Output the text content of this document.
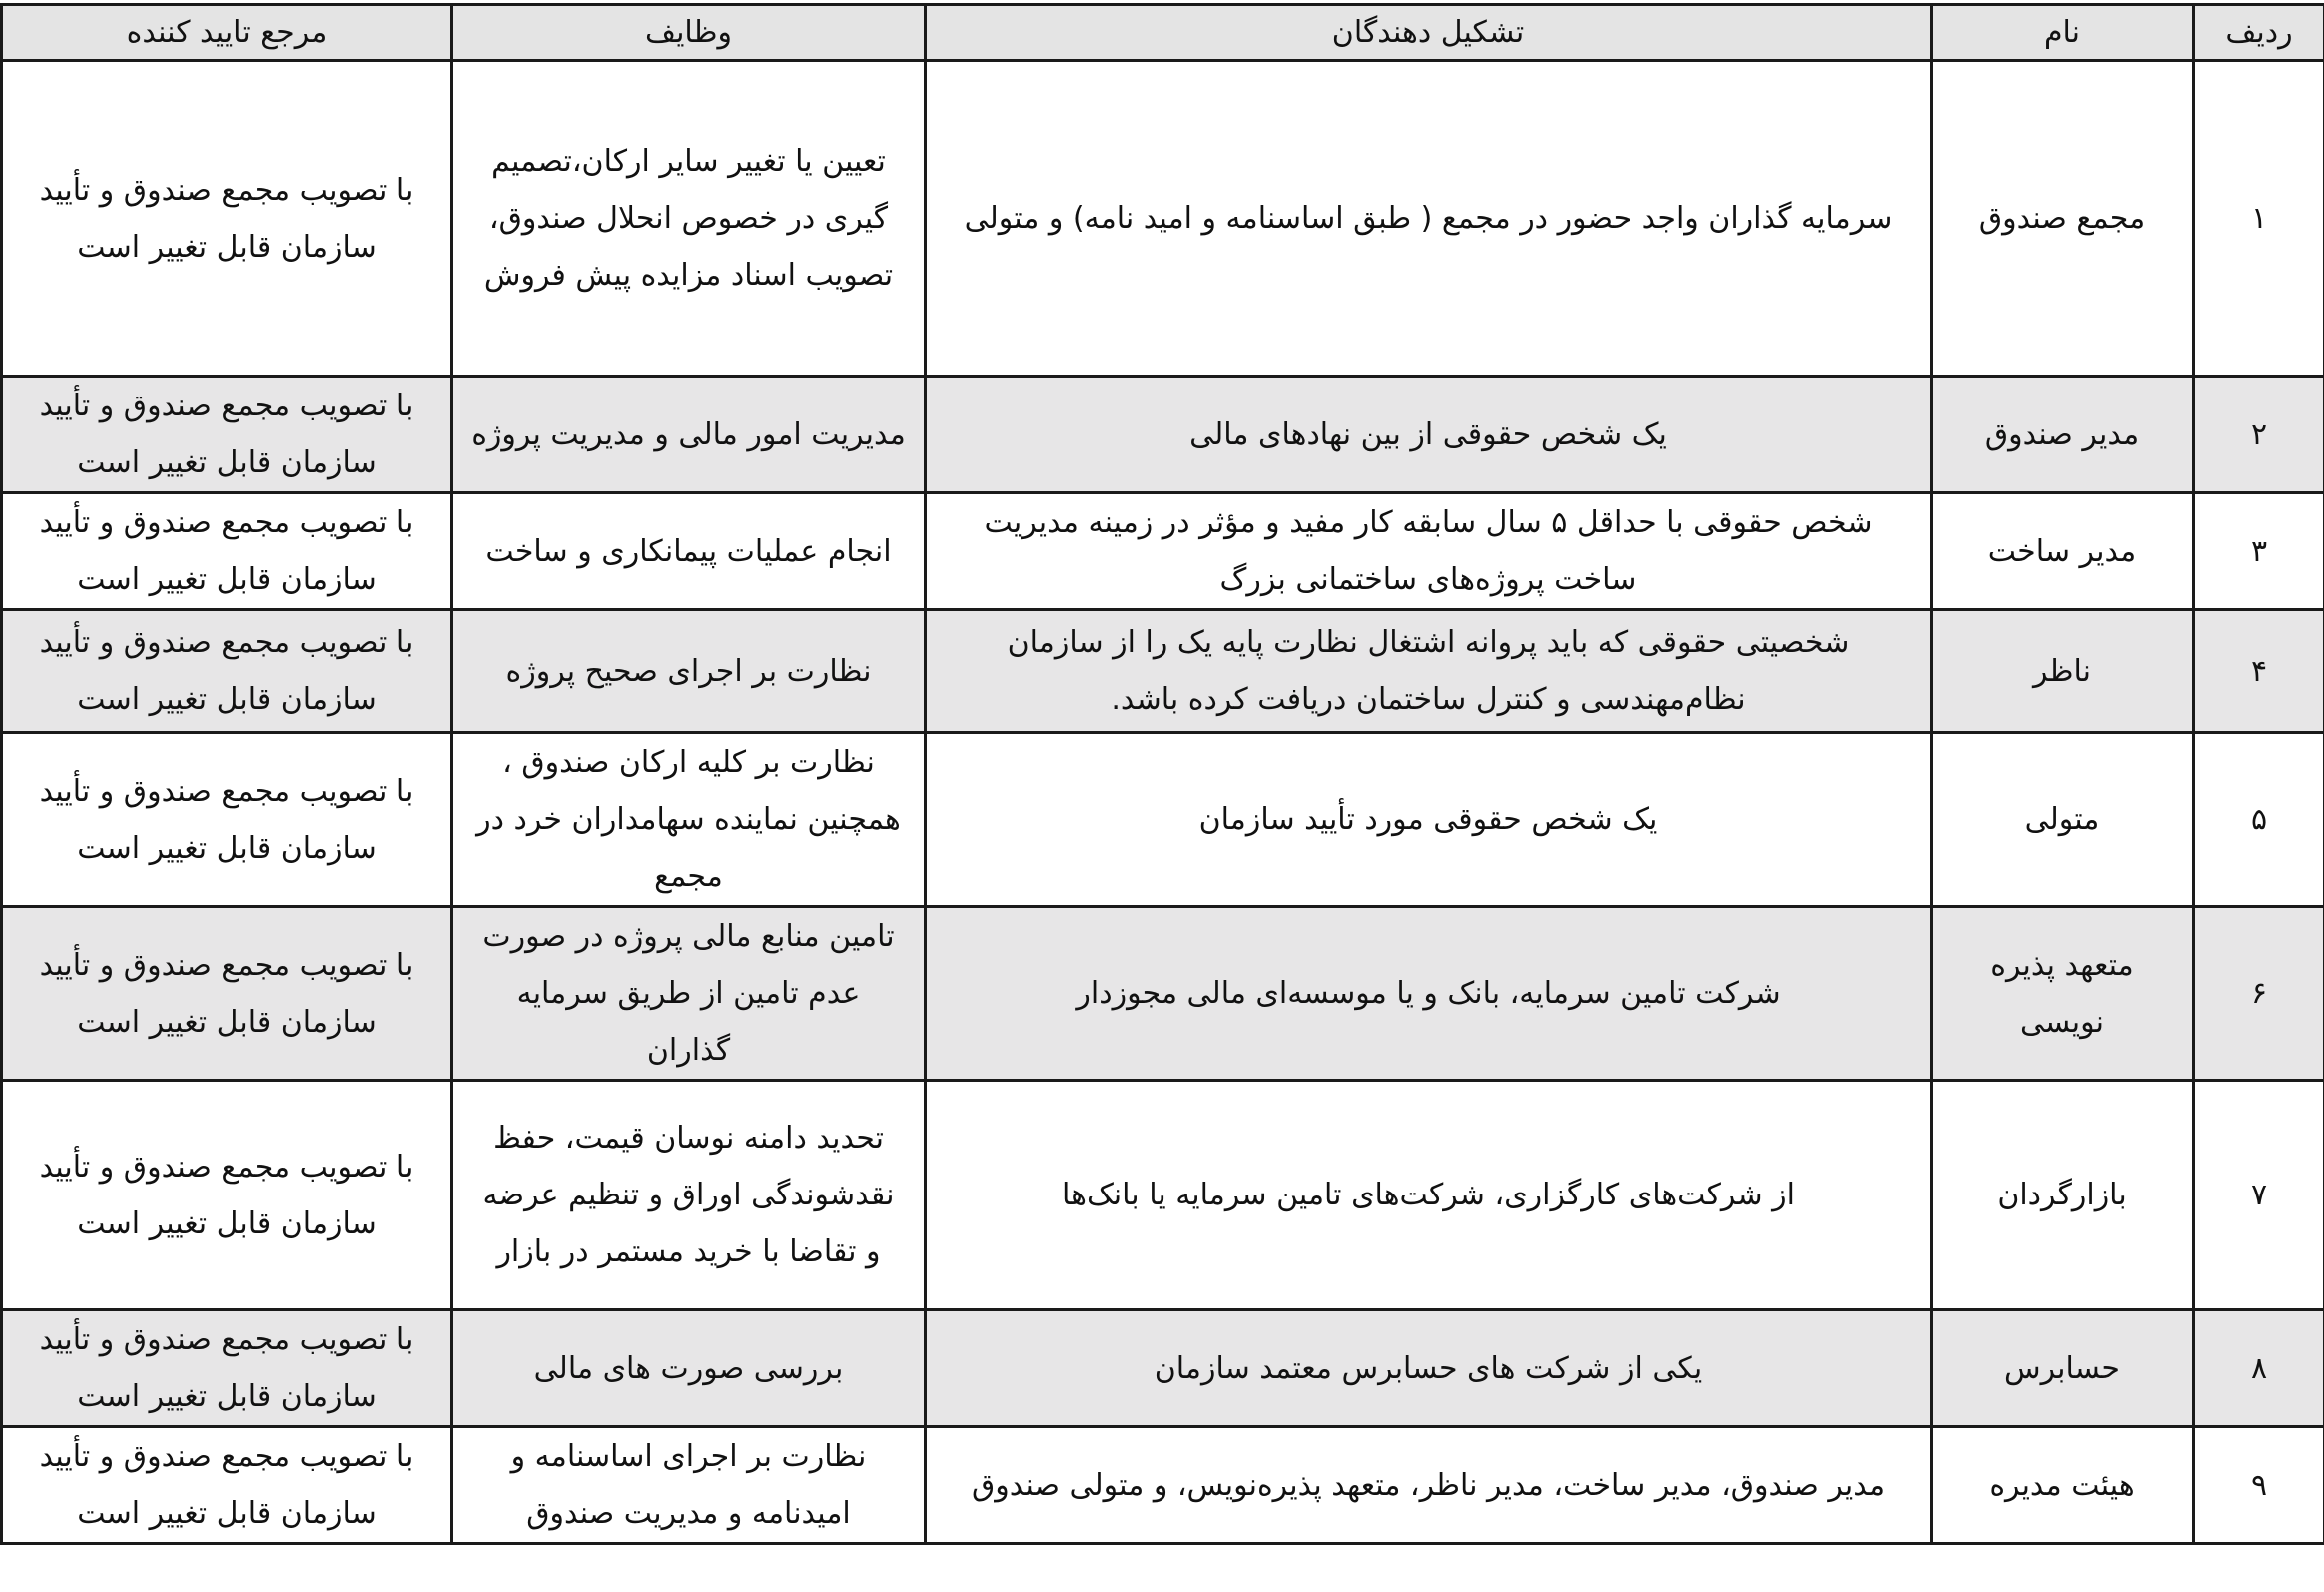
ردیف	نام	تشکیل دهندگان	وظایف	مرجع تایید کننده
۱	مجمع صندوق	سرمایه گذاران واجد حضور در مجمع ( طبق اساسنامه و امید نامه) و متولی	تعیین یا تغییر سایر ارکان،تصمیم گیری در خصوص انحلال صندوق، تصویب اسناد مزایده پیش فروش	با تصویب مجمع صندوق و تأیید سازمان قابل تغییر است
۲	مدیر صندوق	یک شخص حقوقی از بین نهادهای مالی	مدیریت امور مالی و مدیریت پروژه	با تصویب مجمع صندوق و تأیید سازمان قابل تغییر است
۳	مدیر ساخت	شخص حقوقی با حداقل ۵ سال سابقه کار مفید و مؤثر در زمینه مدیریت ساخت پروژه‌های ساختمانی بزرگ	انجام عملیات پیمانکاری و ساخت	با تصویب مجمع صندوق و تأیید سازمان قابل تغییر است
۴	ناظر	شخصیتی حقوقی که باید پروانه اشتغال نظارت پایه یک را از سازمان نظام‌مهندسی و کنترل ساختمان دریافت کرده باشد.	نظارت بر اجرای صحیح پروژه	با تصویب مجمع صندوق و تأیید سازمان قابل تغییر است
۵	متولی	یک شخص حقوقی مورد تأیید سازمان	نظارت بر کلیه ارکان صندوق ، همچنین نماینده سهامداران خرد در مجمع	با تصویب مجمع صندوق و تأیید سازمان قابل تغییر است
۶	متعهد پذیره نویسی	شرکت تامین سرمایه، بانک و یا موسسه‌ای مالی مجوزدار	تامین منابع مالی پروژه در صورت عدم تامین از طریق سرمایه گذاران	با تصویب مجمع صندوق و تأیید سازمان قابل تغییر است
۷	بازارگردان	از شرکت‌های کارگزاری، شرکت‌های تامین سرمایه یا بانک‌ها	تحدید دامنه نوسان قیمت، حفظ نقدشوندگی اوراق و تنظیم عرضه و تقاضا با خرید مستمر در بازار	با تصویب مجمع صندوق و تأیید سازمان قابل تغییر است
۸	حسابرس	یکی از شرکت های حسابرس معتمد سازمان	بررسی صورت های مالی	با تصویب مجمع صندوق و تأیید سازمان قابل تغییر است
۹	هیئت مدیره	مدیر صندوق، مدیر ساخت، مدیر ناظر، متعهد پذیره‌نویس، و متولی صندوق	نظارت بر اجرای اساسنامه و امیدنامه و مدیریت صندوق	با تصویب مجمع صندوق و تأیید سازمان قابل تغییر است
